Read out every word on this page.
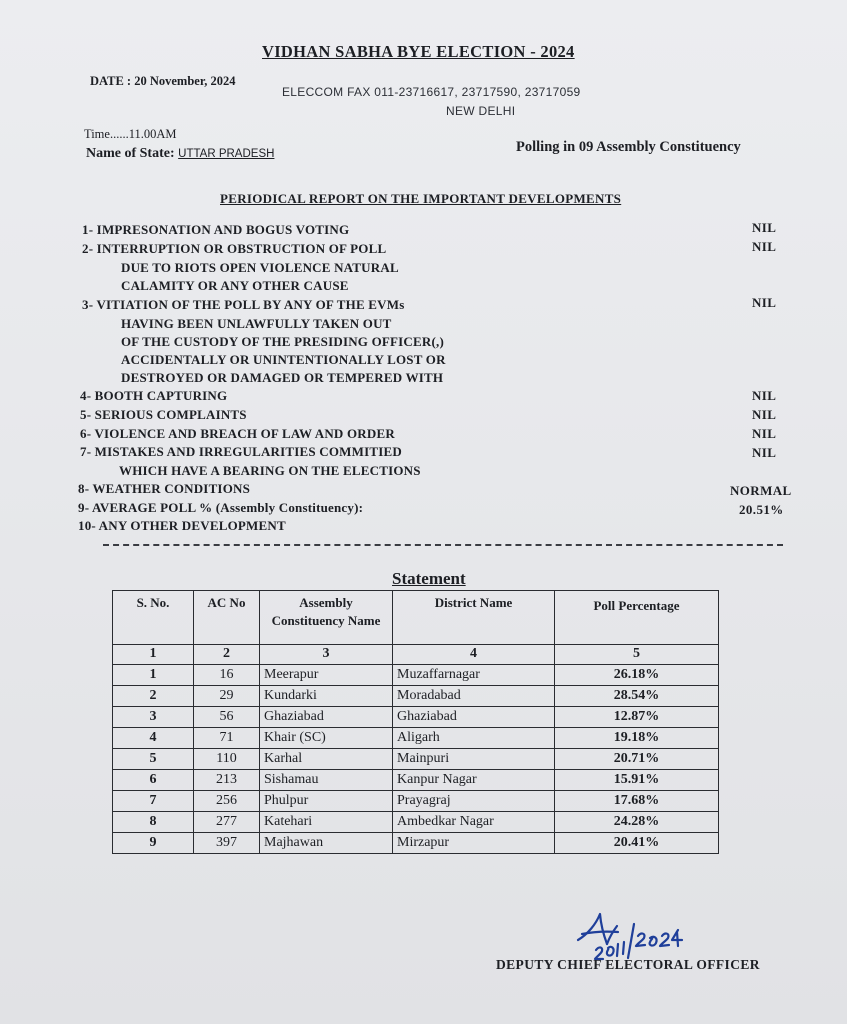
VIDHAN SABHA BYE ELECTION - 2024
DATE : 20 November, 2024
ELECCOM FAX 011-23716617, 23717590, 23717059
NEW DELHI
Time......11.00AM
Name of State: UTTAR PRADESH	Polling in 09 Assembly Constituency
PERIODICAL REPORT ON THE IMPORTANT DEVELOPMENTS
1- IMPRESONATION AND BOGUS VOTING	NIL
2- INTERRUPTION OR OBSTRUCTION OF POLL
DUE TO RIOTS OPEN VIOLENCE NATURAL
CALAMITY OR ANY OTHER CAUSE
NIL
3- VITIATION OF THE POLL BY ANY OF THE EVMs
HAVING BEEN UNLAWFULLY TAKEN OUT
OF THE CUSTODY OF THE PRESIDING OFFICER(,)
ACCIDENTALLY OR UNINTENTIONALLY LOST OR
DESTROYED OR DAMAGED OR TEMPERED WITH
NIL
4- BOOTH CAPTURING	NIL
5- SERIOUS COMPLAINTS	NIL
6- VIOLENCE AND BREACH OF LAW AND ORDER	NIL
7- MISTAKES AND IRREGULARITIES COMMITIED
WHICH HAVE A BEARING ON THE ELECTIONS
NIL
8- WEATHER CONDITIONS	NORMAL
9- AVERAGE POLL % (Assembly Constituency):	20.51%
10- ANY OTHER DEVELOPMENT
Statement
S. No.	AC No	Assembly Constituency Name	District Name	Poll Percentage
1	2	3	4	5
1	16	Meerapur	Muzaffarnagar	26.18%
2	29	Kundarki	Moradabad	28.54%
3	56	Ghaziabad	Ghaziabad	12.87%
4	71	Khair (SC)	Aligarh	19.18%
5	110	Karhal	Mainpuri	20.71%
6	213	Sishamau	Kanpur Nagar	15.91%
7	256	Phulpur	Prayagraj	17.68%
8	277	Katehari	Ambedkar Nagar	24.28%
9	397	Majhawan	Mirzapur	20.41%
DEPUTY CHIEF ELECTORAL OFFICER
